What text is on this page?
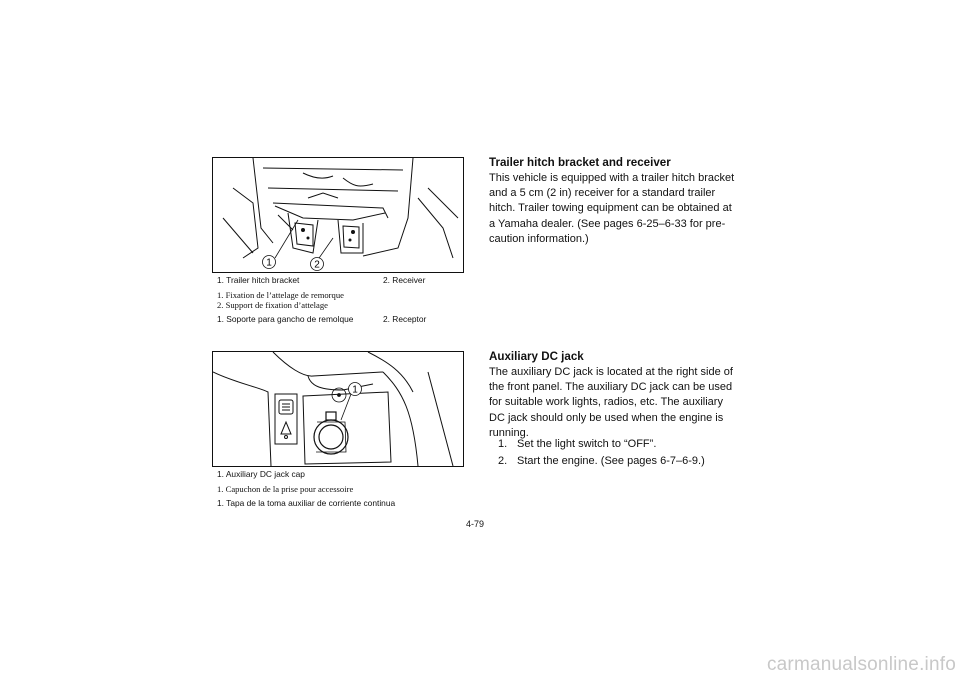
1	2
1. Trailer hitch bracket	2. Receiver
1. Fixation de l’attelage de remorque
2. Support de fixation d’attelage
1. Soporte para gancho de remolque	2. Receptor
1
1. Auxiliary DC jack cap
1. Capuchon de la prise pour accessoire
1. Tapa de la toma auxiliar de corriente continua
Trailer hitch bracket and receiver
This vehicle is equipped with a trailer hitch bracket
and a 5 cm (2 in) receiver for a standard trailer
hitch. Trailer towing equipment can be obtained at
a Yamaha dealer. (See pages 6-25–6-33 for pre-
caution information.)
Auxiliary DC jack
The auxiliary DC jack is located at the right side of
the front panel. The auxiliary DC jack can be used
for suitable work lights, radios, etc. The auxiliary
DC jack should only be used when the engine is
running.
1. Set the light switch to “OFF”.
2. Start the engine. (See pages 6-7–6-9.)
4-79
carmanualsonline.info
